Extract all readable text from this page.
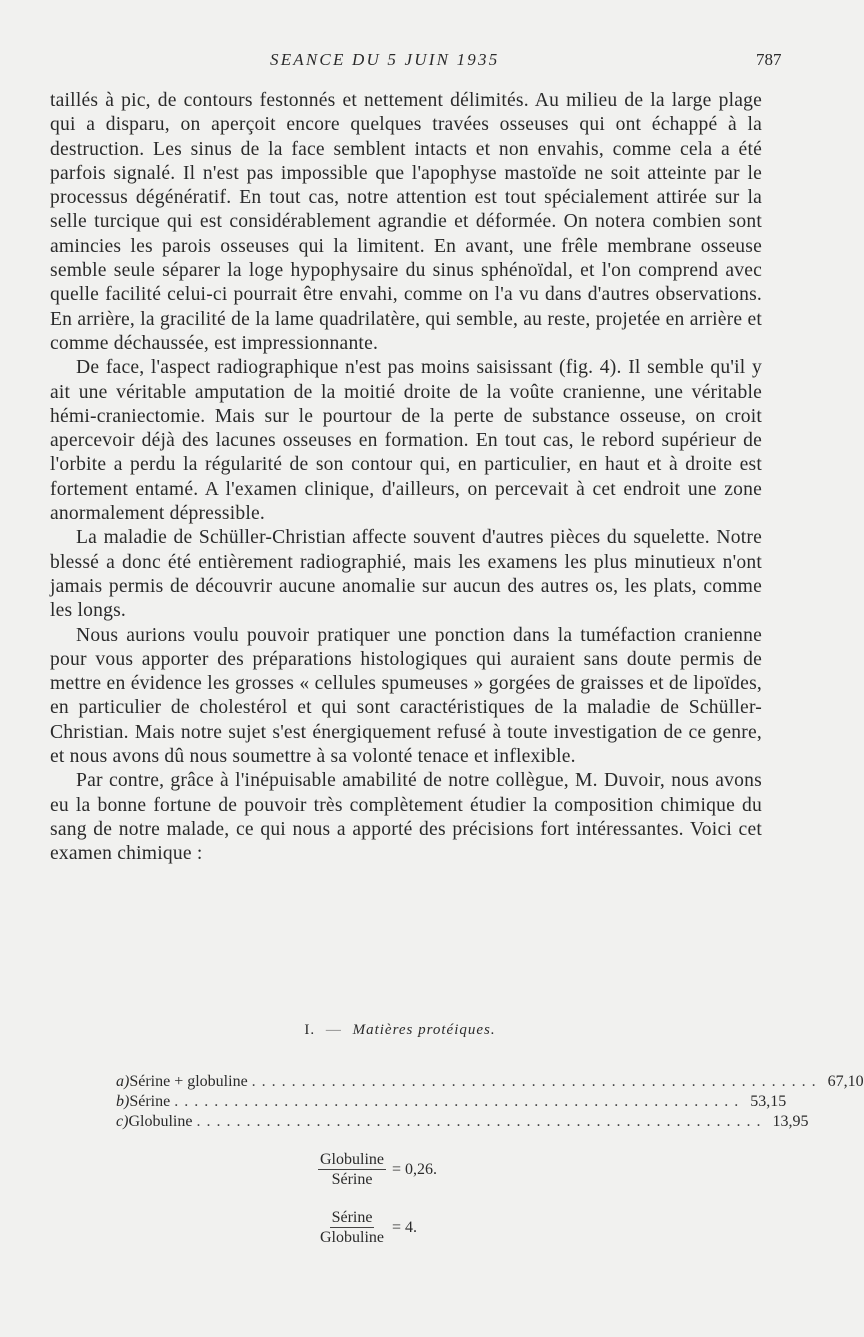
SEANCE DU 5 JUIN 1935	787

taillés à pic, de contours festonnés et nettement délimités. Au milieu de la large plage qui a disparu, on aperçoit encore quelques travées osseuses qui ont échappé à la destruction. Les sinus de la face semblent intacts et non envahis, comme cela a été parfois signalé. Il n'est pas impossible que l'apophyse mastoïde ne soit atteinte par le processus dégénératif. En tout cas, notre attention est tout spécialement attirée sur la selle turcique qui est considérablement agrandie et déformée. On notera combien sont amincies les parois osseuses qui la limitent. En avant, une frêle membrane osseuse semble seule séparer la loge hypophysaire du sinus sphénoïdal, et l'on comprend avec quelle facilité celui-ci pourrait être envahi, comme on l'a vu dans d'autres observations. En arrière, la gracilité de la lame quadrilatère, qui semble, au reste, projetée en arrière et comme déchaussée, est impressionnante.

De face, l'aspect radiographique n'est pas moins saisissant (fig. 4). Il semble qu'il y ait une véritable amputation de la moitié droite de la voûte cranienne, une véritable hémi-craniectomie. Mais sur le pourtour de la perte de substance osseuse, on croit apercevoir déjà des lacunes osseuses en formation. En tout cas, le rebord supérieur de l'orbite a perdu la régularité de son contour qui, en particulier, en haut et à droite est fortement entamé. A l'examen clinique, d'ailleurs, on percevait à cet endroit une zone anormalement dépressible.

La maladie de Schüller-Christian affecte souvent d'autres pièces du squelette. Notre blessé a donc été entièrement radiographié, mais les examens les plus minutieux n'ont jamais permis de découvrir aucune anomalie sur aucun des autres os, les plats, comme les longs.

Nous aurions voulu pouvoir pratiquer une ponction dans la tuméfaction cranienne pour vous apporter des préparations histologiques qui auraient sans doute permis de mettre en évidence les grosses « cellules spumeuses » gorgées de graisses et de lipoïdes, en particulier de cholestérol et qui sont caractéristiques de la maladie de Schüller-Christian. Mais notre sujet s'est énergiquement refusé à toute investigation de ce genre, et nous avons dû nous soumettre à sa volonté tenace et inflexible.

Par contre, grâce à l'inépuisable amabilité de notre collègue, M. Duvoir, nous avons eu la bonne fortune de pouvoir très complètement étudier la composition chimique du sang de notre malade, ce qui nous a apporté des précisions fort intéressantes. Voici cet examen chimique :

I. — Matières protéiques.
a) Sérine + globuline ......................................................... 67,10
b) Sérine ......................................................... 53,15
c) Globuline ......................................................... 13,95
$\frac{\text{Globuline}}{\text{Sérine}} = 0,26$.
$\frac{\text{Sérine}}{\text{Globuline}} = 4$.
